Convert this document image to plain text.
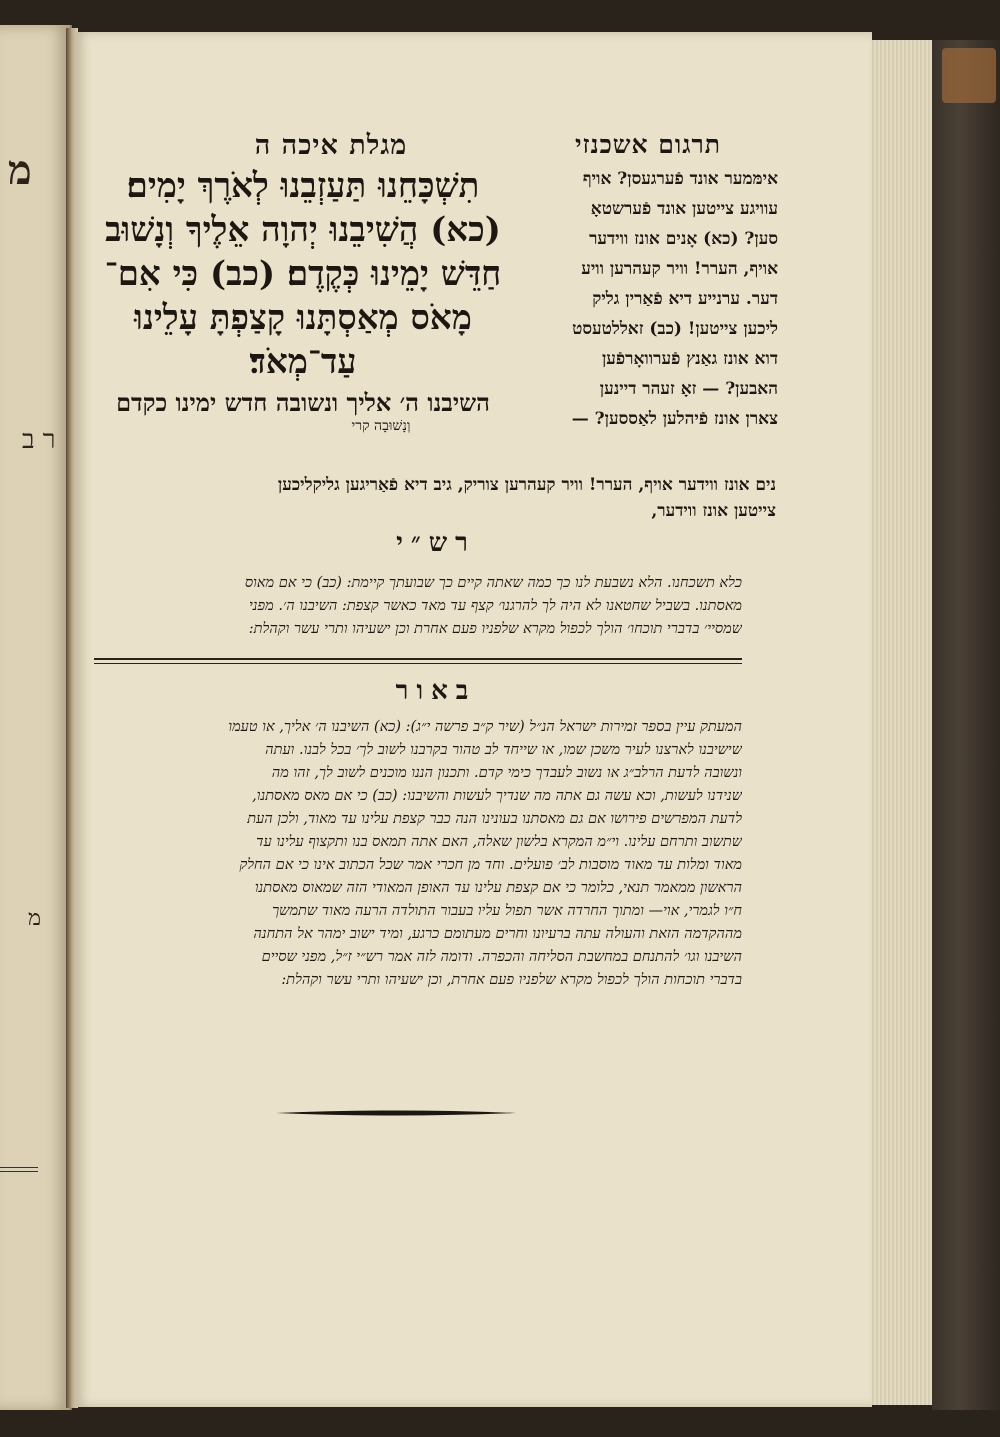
מ
ר ב
מ
תרגום אשכנזי
מגלת איכה ה
אימּמער אונד פֿערגעסן? אויף
עוויגע צייטען אונד פֿערשטאָ
סען? (כא) אָנים אונז ווידער
אויף, הערר! וויר קעהרען וויע
דער. ערנייע דיא פֿאַרין גליק
ליכען צייטען! (כב) זאללטעסט
דוא אונז גאַנץ פֿערוואָרפֿען
האבען? — זאָ זעהר דיינען
צארן אונז פֿיהלען לאַססען? —
תִשְׁכָּחֵנוּ תַּעַזְבֵנוּ לְאֹרֶךְ יָמִים׃
(כא) הֲשִׁיבֵנוּ יְהוָה אֵלֶיךָ וְנָשׁוּב
חַדֵּשׁ יָמֵינוּ כְּקֶדֶם׃ (כב) כִּי אִם־
מָאֹס מְאַסְתָּנוּ קָצַפְתָּ עָלֵינוּ
עַד־מְאֹד׃
השיבנו ה׳ אליך ונשובה חדש ימינו כקדם
וְנָשׁוּבָה קרי
נים אונז ווידער אויף, הערר! וויר קעהרען צוריק, גיב דיא פֿאַריגען גליקליכען
צייטען אונז ווידער,
רש״י
כלא תשכחנו. הלא נשבעת לנו כך כמה שאתה קיים כך שבועתך קיימת: (כב) כי אם מאוס
מאסתנו. בשביל שחטאנו לא היה לך להרגנו׳ קצף עד מאד כאשר קצפת: השיבנו ה׳. מפני
שמסיי׳ בדברי תוכחו׳ הולך לכפול מקרא שלפניו פעם אחרת וכן ישעיהו ותרי עשר וקהלת:
באור
המעתק עיין בספר זמירות ישראל הנ״ל (שיר ק״ב פרשה י״ג): (כא) השיבנו ה׳ אליך, או טעמו
שישיבנו לארצנו לעיר משכן שמו, או שייחד לב טהור בקרבנו לשוב לך׳ בכל לבנו. ועתה
ונשובה לדעת הרלב״ג או נשוב לעבדך כימי קדם. ותכנון הננו מוכנים לשוב לך, זהו מה
שנידנו לעשות, וכא עשה גם אתה מה שנדיך לעשות והשיבנו: (כב) כי אם מאס מאסתנו,
לדעת המפרשים פירושו אם גם מאסתנו בעונינו הנה כבר קצפת עלינו עד מאוד, ולכן העת
שתשוב ותרחם עלינו. וי״מ המקרא בלשון שאלה, האם אתה תמאס בנו ותקצוף עלינו עד
מאוד ומלות עד מאוד מוסבות לב׳ פועלים. וחד מן חכרי אמר שכל הכתוב אינו כי אם החלק
הראשון ממאמר תנאי, כלומר כי אם קצפת עלינו עד האופן המאודי הזה שמאוס מאסתנו
ח״ו לגמרי, אוי— ומתוך החרדה אשר תפול עליו בעבור התולדה הרעה מאוד שתמשך
מההקדמה הזאת והעולה עתה ברעיונו וחרים מעתומם כרגע, ומיד ישוב ימהר אל התחנה
השיבנו וגו׳ להתנחם במחשבת הסליחה והכפרה. ודומה לזה אמר רש״י ז״ל, מפני שסיים
בדברי תוכחות הולך לכפול מקרא שלפניו פעם אחרת, וכן ישעיהו ותרי עשר וקהלת:
